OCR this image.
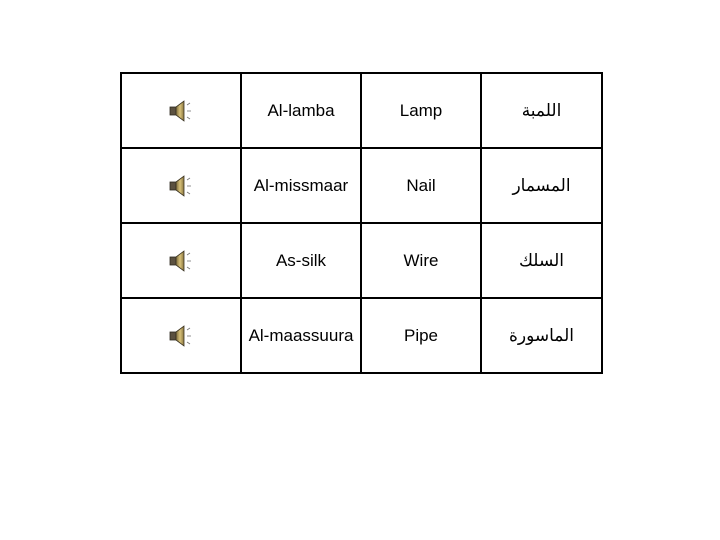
	Al-lamba	Lamp	اللمبة

	Al-missmaar	Nail	المسمار

	As-silk	Wire	السلك

	Al-maassuura	Pipe	الماسورة
